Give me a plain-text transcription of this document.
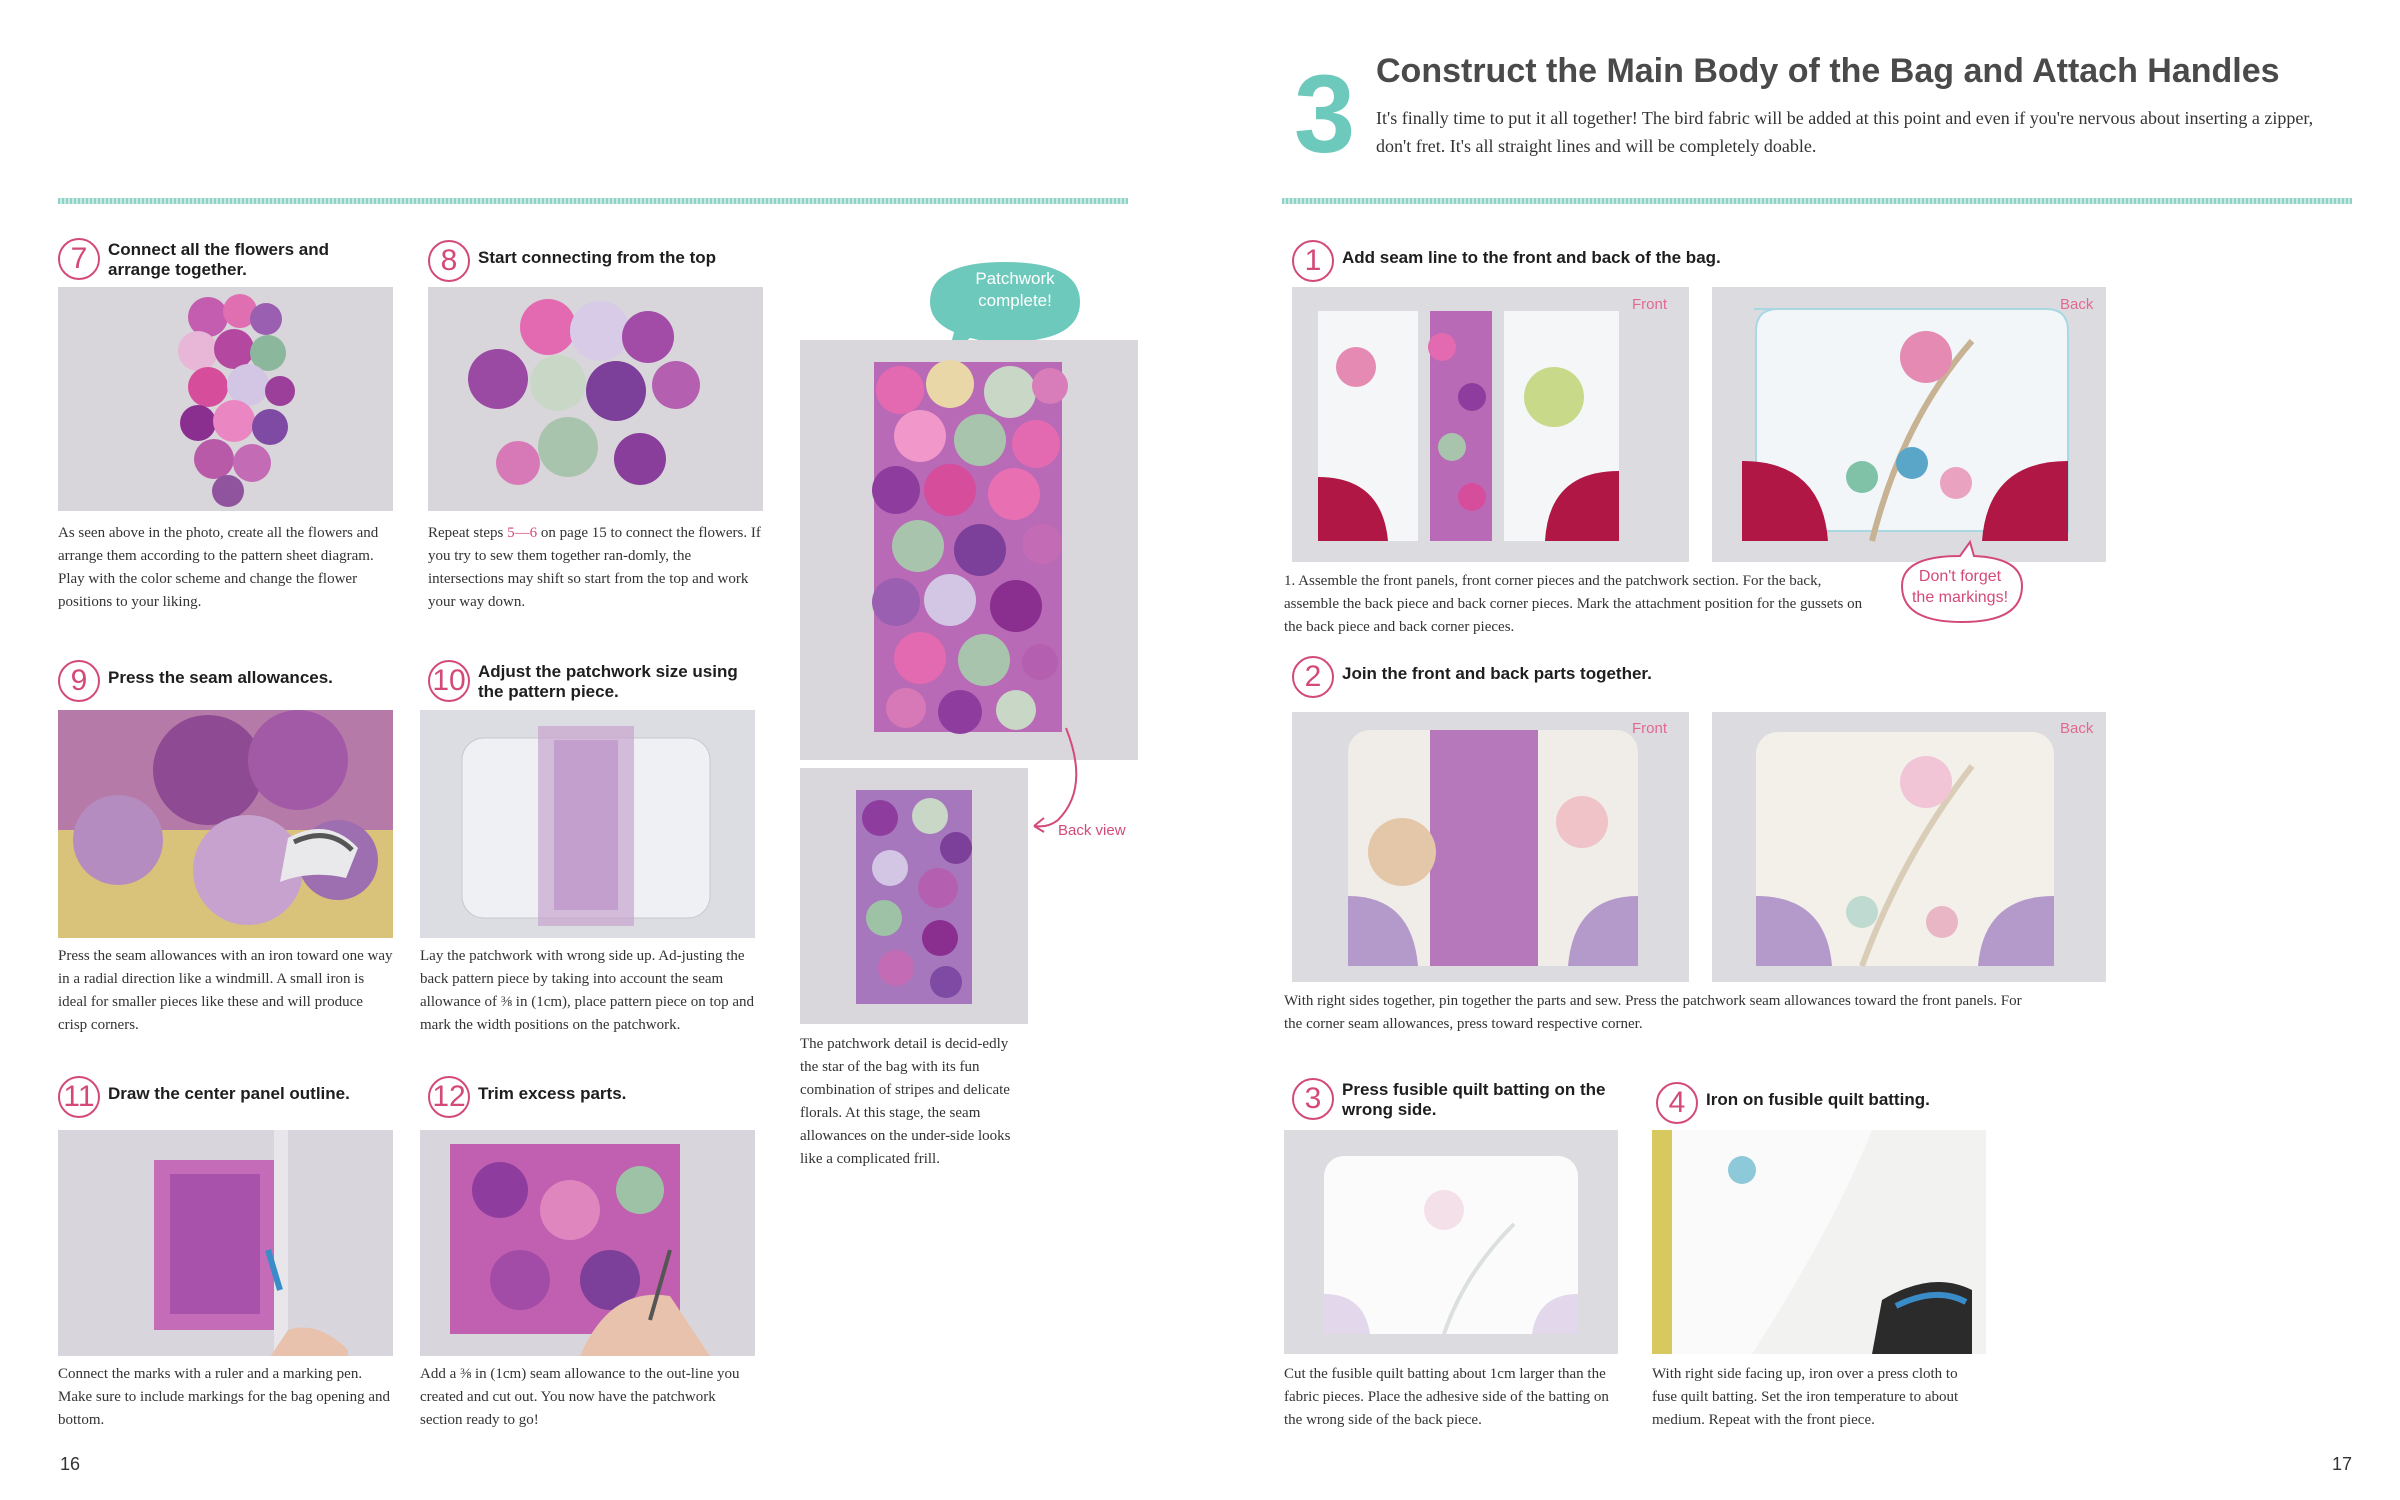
3 Construct the Main Body of the Bag and Attach Handles
It's finally time to put it all together! The bird fabric will be added at this point and even if you're nervous about inserting a zipper, don't fret. It's all straight lines and will be completely doable.
7	Connect all the flowers and arrange together.
As seen above in the photo, create all the flowers and arrange them according to the pattern sheet diagram. Play with the color scheme and change the flower positions to your liking.
8	Start connecting from the top
Repeat steps 5—6 on page 15 to connect the flowers. If you try to sew them together ran-domly, the intersections may shift so start from the top and work your way down.
9	Press the seam allowances.
Press the seam allowances with an iron toward one way in a radial direction like a windmill. A small iron is ideal for smaller pieces like these and will produce crisp corners.
10 Adjust the patchwork size using the pattern piece.
Lay the patchwork with wrong side up. Ad-justing the back pattern piece by taking into account the seam allowance of ⅜ in (1cm), place pattern piece on top and mark the width positions on the patchwork.
11 Draw the center panel outline.
Connect the marks with a ruler and a marking pen. Make sure to include markings for the bag opening and bottom.
12 Trim excess parts.
Add a ⅜ in (1cm) seam allowance to the out-line you created and cut out. You now have the patchwork section ready to go!
Patchwork complete!
Back view
The patchwork detail is decid-edly the star of the bag with its fun combination of stripes and delicate florals. At this stage, the seam allowances on the under-side looks like a complicated frill.
16
1	Add seam line to the front and back of the bag.
Front	Back
1. Assemble the front panels, front corner pieces and the patchwork section. For the back, assemble the back piece and back corner pieces. Mark the attachment position for the gussets on the back piece and back corner pieces.
Don't forget the markings!
2	Join the front and back parts together.
Front	Back
With right sides together, pin together the parts and sew. Press the patchwork seam allowances toward the front panels. For the corner seam allowances, press toward respective corner.
3	Press fusible quilt batting on the wrong side.
Cut the fusible quilt batting about 1cm larger than the fabric pieces. Place the adhesive side of the batting on the wrong side of the back piece.
4	Iron on fusible quilt batting.
With right side facing up, iron over a press cloth to fuse quilt batting. Set the iron temperature to about medium. Repeat with the front piece.
17
